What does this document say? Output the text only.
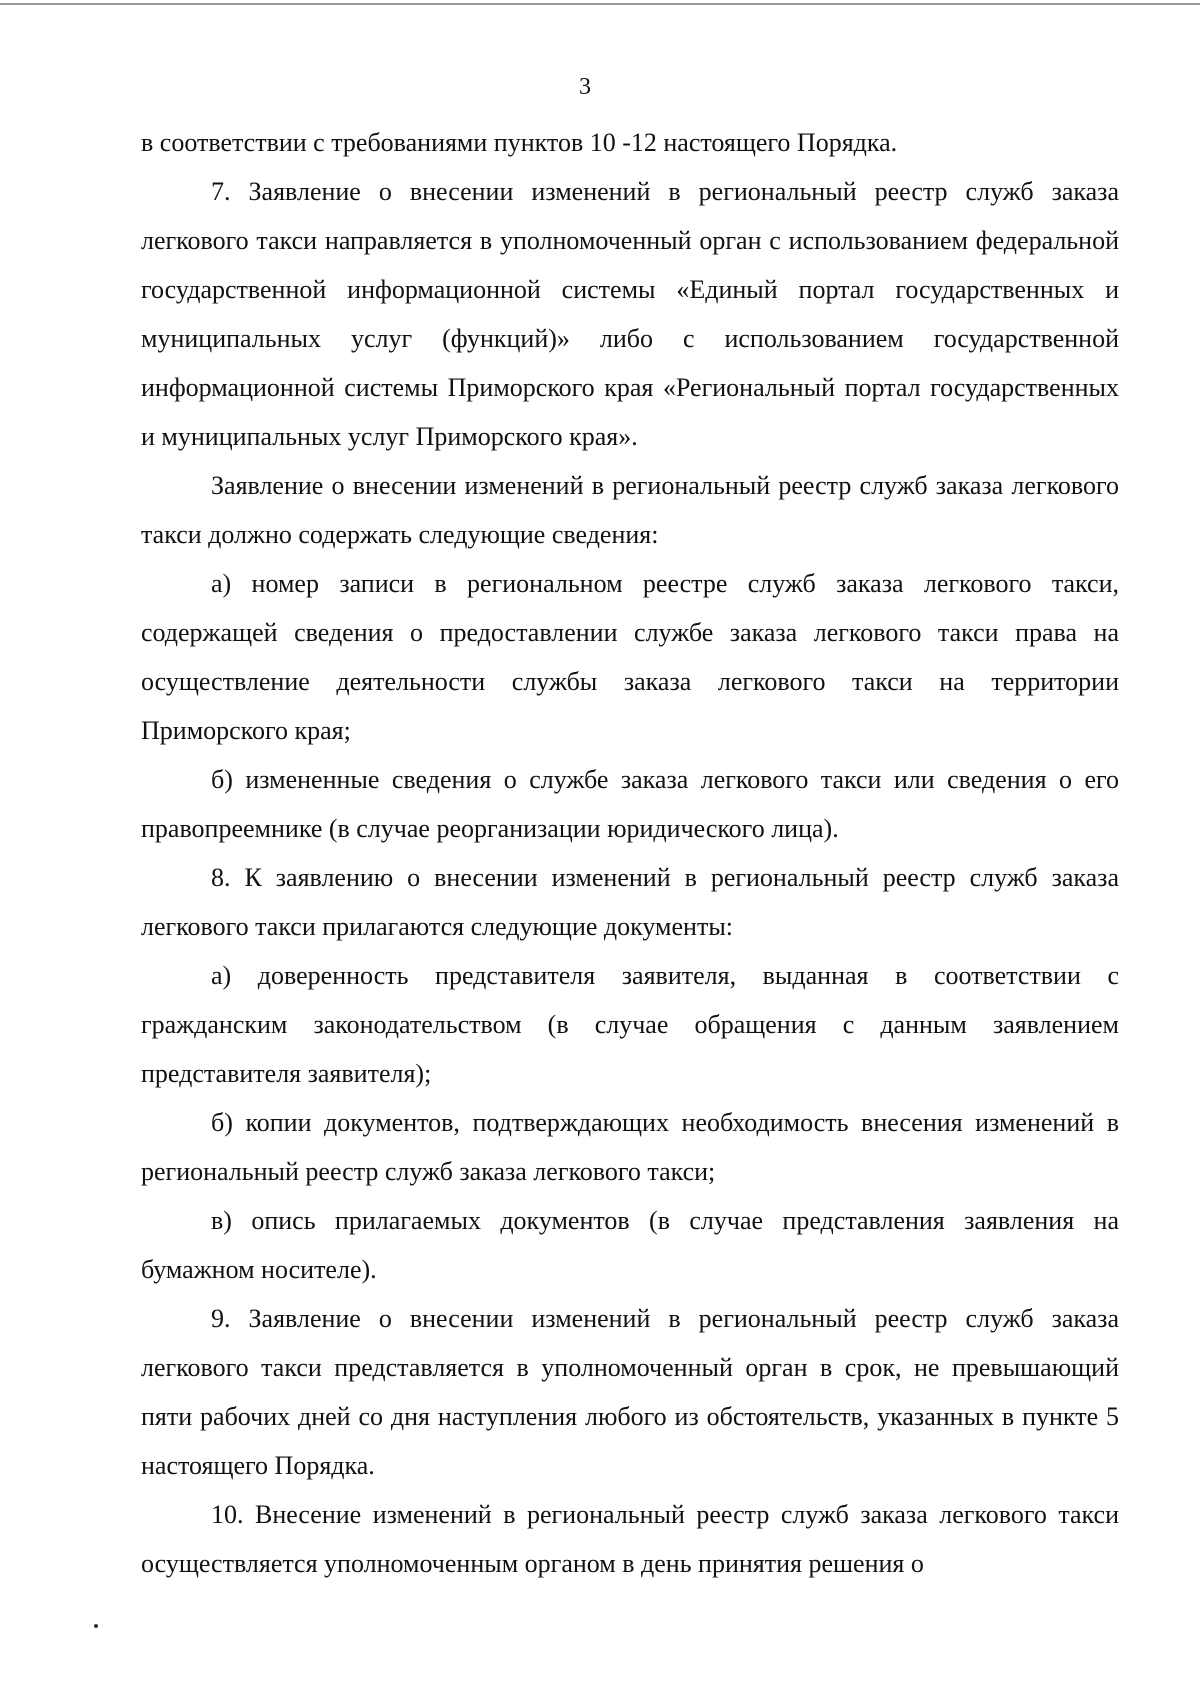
3

в соответствии с требованиями пунктов 10 -12 настоящего Порядка.

7. Заявление о внесении изменений в региональный реестр служб заказа легкового такси направляется в уполномоченный орган с использованием федеральной государственной информационной системы «Единый портал государственных и муниципальных услуг (функций)» либо с использованием государственной информационной системы Приморского края «Региональный портал государственных и муниципальных услуг Приморского края».

Заявление о внесении изменений в региональный реестр служб заказа легкового такси должно содержать следующие сведения:

а) номер записи в региональном реестре служб заказа легкового такси, содержащей сведения о предоставлении службе заказа легкового такси права на осуществление деятельности службы заказа легкового такси на территории Приморского края;

б) измененные сведения о службе заказа легкового такси или сведения о его правопреемнике (в случае реорганизации юридического лица).

8. К заявлению о внесении изменений в региональный реестр служб заказа легкового такси прилагаются следующие документы:

а) доверенность представителя заявителя, выданная в соответствии с гражданским законодательством (в случае обращения с данным заявлением представителя заявителя);

б) копии документов, подтверждающих необходимость внесения изменений в региональный реестр служб заказа легкового такси;

в) опись прилагаемых документов (в случае представления заявления на бумажном носителе).

9. Заявление о внесении изменений в региональный реестр служб заказа легкового такси представляется в уполномоченный орган в срок, не превышающий пяти рабочих дней со дня наступления любого из обстоятельств, указанных в пункте 5 настоящего Порядка.

10. Внесение изменений в региональный реестр служб заказа легкового такси осуществляется уполномоченным органом в день принятия решения о
